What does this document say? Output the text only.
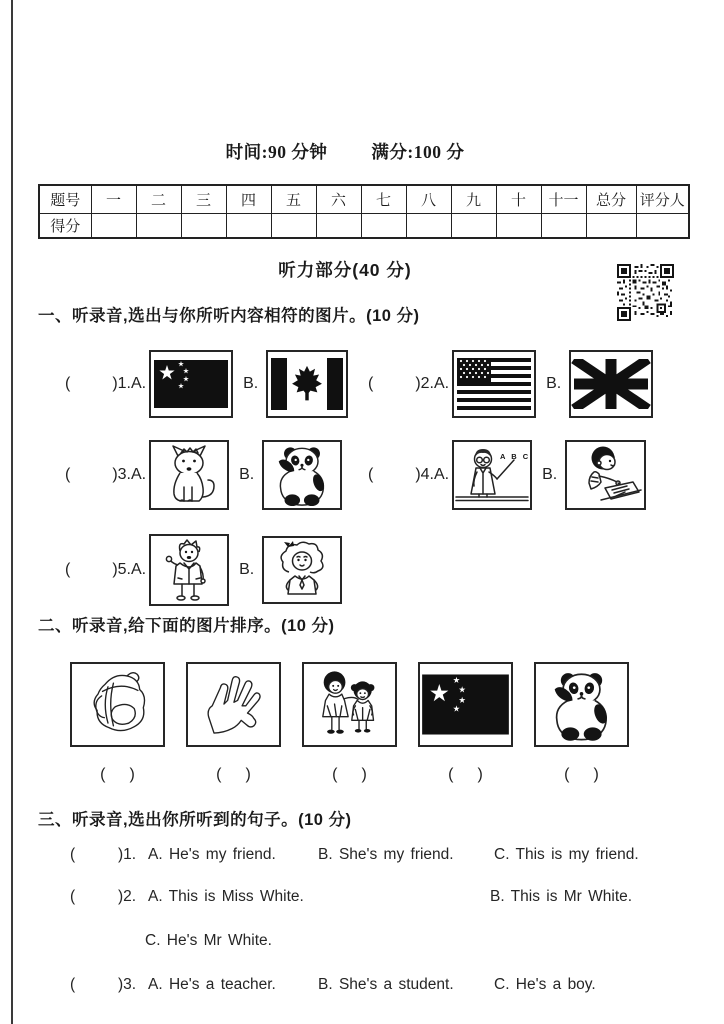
时间:90 分钟	满分:100 分
题号	一	二	三	四	五	六	七	八	九	十	十一	总分	评分人
得分													
听力部分(40 分)
一、听录音,选出与你所听内容相符的图片。(10 分)
(	)1. A.	B.	(	)2. A.	B.
(	)3. A.	B.	(	)4. A.
A B C
B.
(	)5. A.	B.
二、听录音,给下面的图片排序。(10 分)
( )	( )	( )	( )	( )
三、听录音,选出你所听到的句子。(10 分)
(	)1. A. He's my friend.	B. She's my friend.	C. This is my friend.
(	)2. A. This is Miss White.	B. This is Mr White.
C. He's Mr White.
(	)3. A. He's a teacher.	B. She's a student.	C. He's a boy.
